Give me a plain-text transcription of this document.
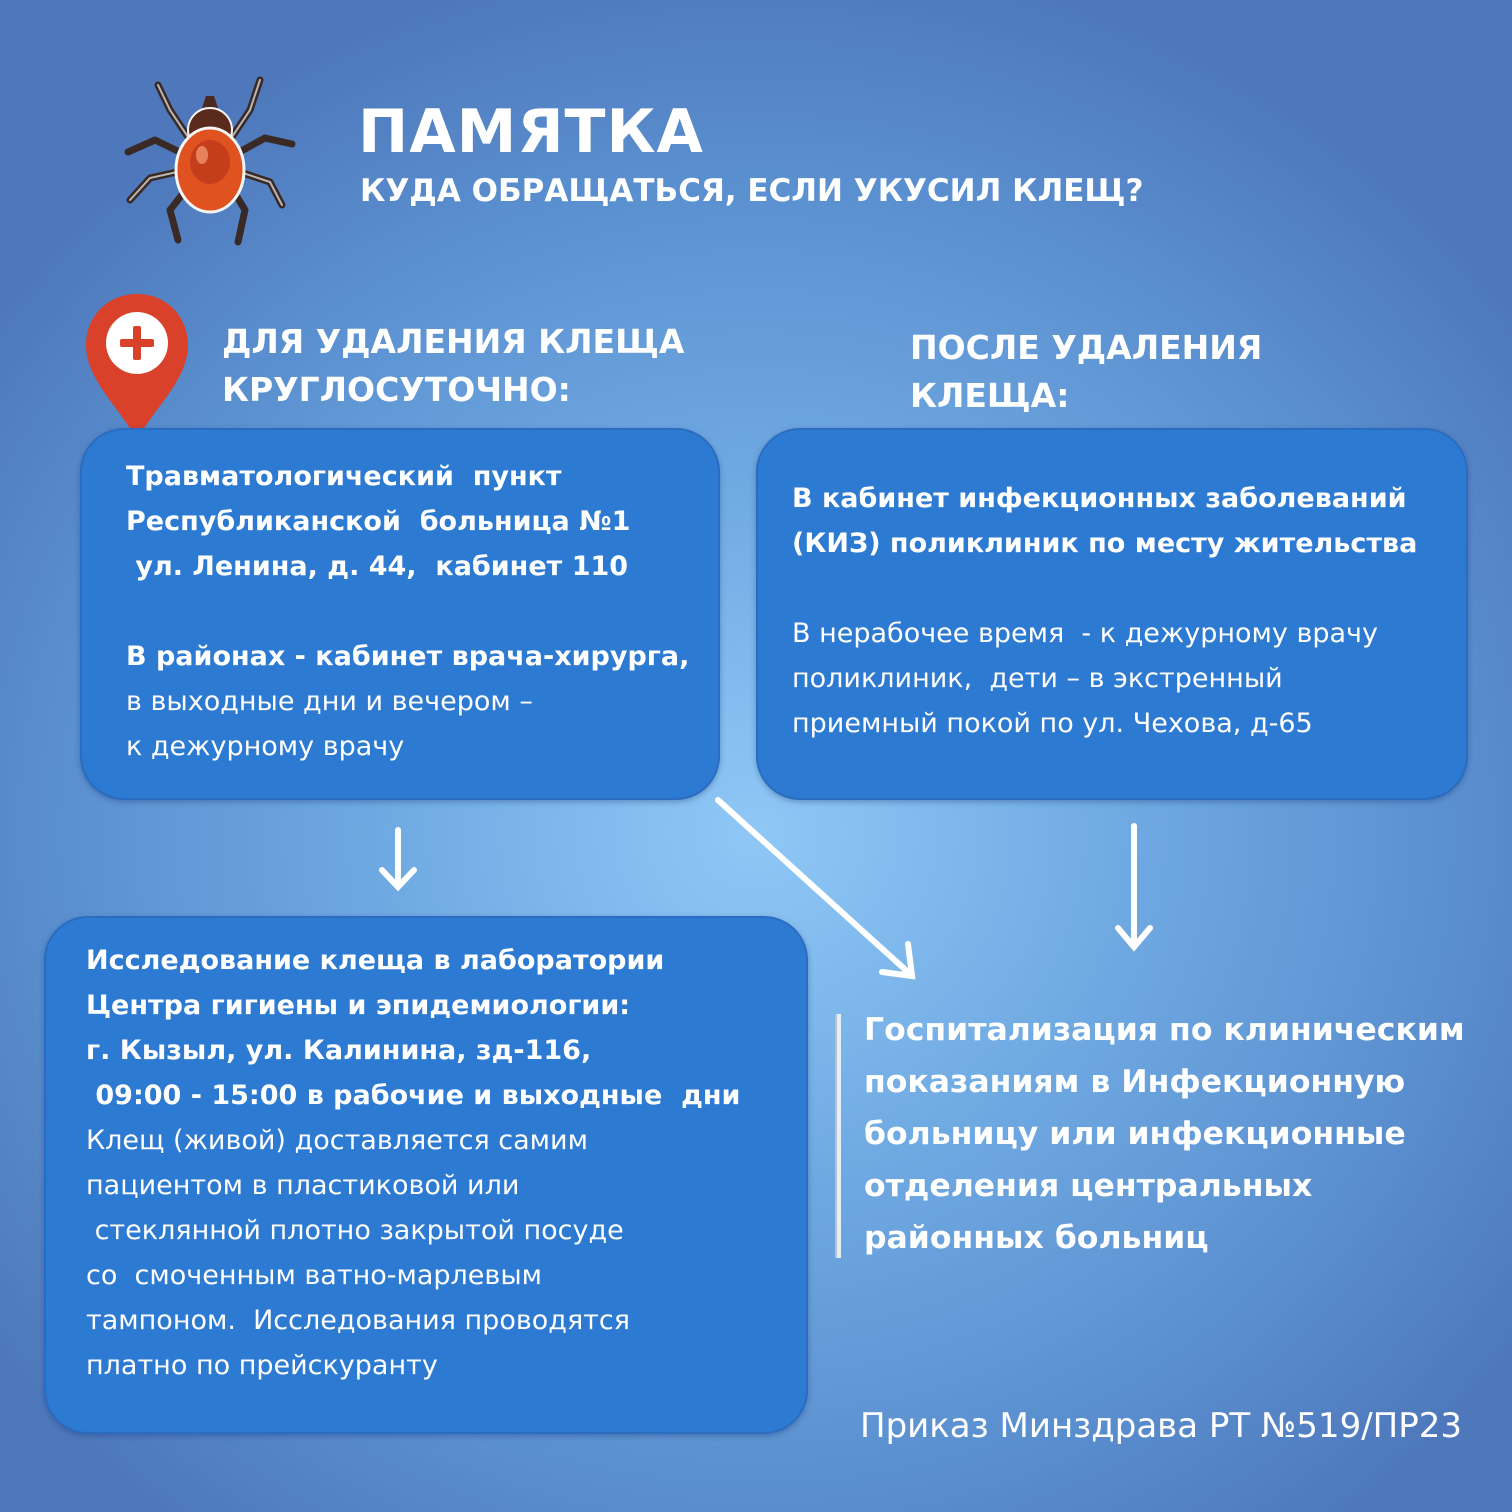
ПАМЯТКА
КУДА ОБРАЩАТЬСЯ, ЕСЛИ УКУСИЛ КЛЕЩ?

ДЛЯ УДАЛЕНИЯ КЛЕЩА

КРУГЛОСУТОЧНО:

ПОСЛЕ УДАЛЕНИЯ

КЛЕЩА:

Травматологический  пункт
Республиканской  больница №1
ул. Ленина, д. 44,  кабинет 110
В районах - кабинет врача-хирурга,
в выходные дни и вечером –
к дежурному врачу
В кабинет инфекционных заболеваний
(КИЗ) поликлиник по месту жительства
В нерабочее время  - к дежурному врачу
поликлиник,  дети – в экстренный
приемный покой по ул. Чехова, д-65
Исследование клеща в лаборатории
Центра гигиены и эпидемиологии:
г. Кызыл, ул. Калинина, зд-116,
09:00 - 15:00 в рабочие и выходные  дни
Клещ (живой) доставляется самим
пациентом в пластиковой или
стеклянной плотно закрытой посуде
со  смоченным ватно-марлевым
тампоном.  Исследования проводятся
платно по прейскуранту
Госпитализация по клиническим
показаниям в Инфекционную
больницу или инфекционные
отделения центральных
районных больниц

Приказ Минздрава РТ №519/ПР23
